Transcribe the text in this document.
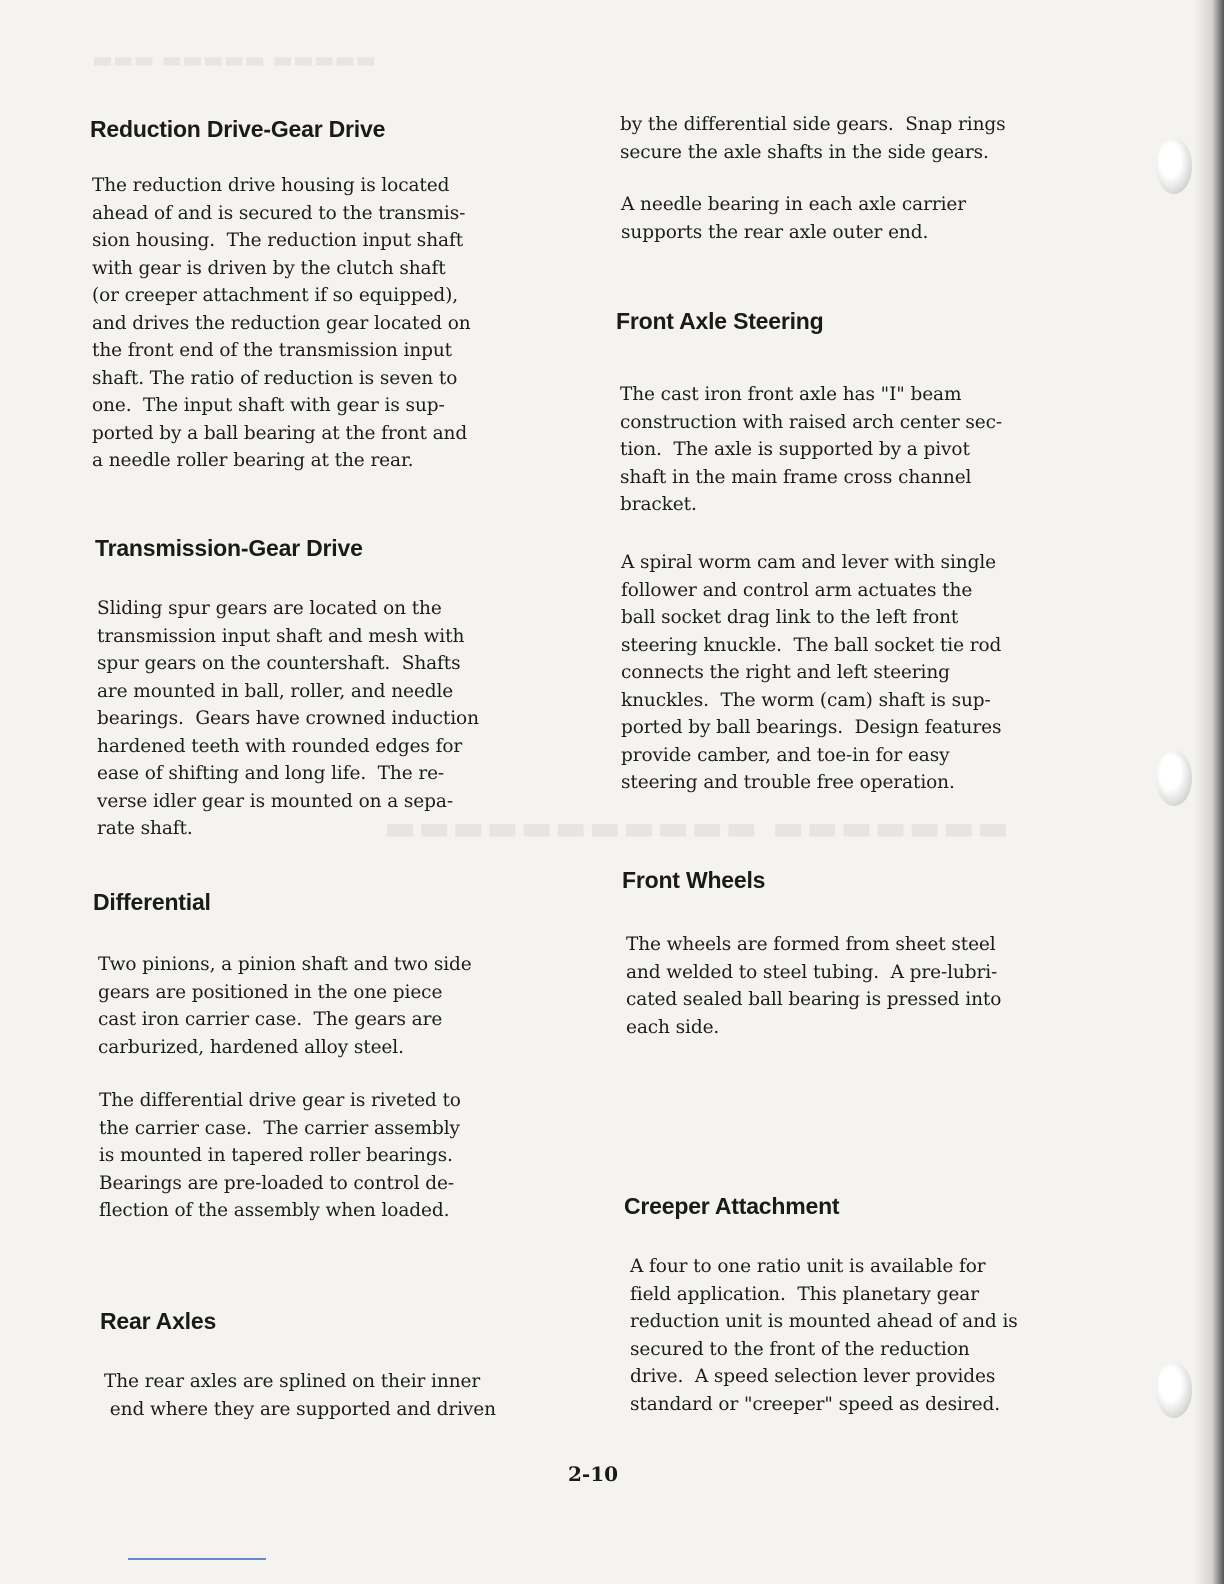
▬▬▬ ▬▬▬▬▬ ▬▬▬▬▬
▬▬▬▬▬▬▬ ▬▬▬▬▬▬▬▬▬▬▬
Reduction Drive-Gear Drive

The reduction drive housing is located
ahead of and is secured to the transmis-
sion housing.  The reduction input shaft
with gear is driven by the clutch shaft
(or creeper attachment if so equipped),
and drives the reduction gear located on
the front end of the transmission input
shaft. The ratio of reduction is seven to
one.  The input shaft with gear is sup-
ported by a ball bearing at the front and
a needle roller bearing at the rear.

Transmission-Gear Drive

Sliding spur gears are located on the
transmission input shaft and mesh with
spur gears on the countershaft.  Shafts
are mounted in ball, roller, and needle
bearings.  Gears have crowned induction
hardened teeth with rounded edges for
ease of shifting and long life.  The re-
verse idler gear is mounted on a sepa-
rate shaft.

Differential

Two pinions, a pinion shaft and two side
gears are positioned in the one piece
cast iron carrier case.  The gears are
carburized, hardened alloy steel.

The differential drive gear is riveted to
the carrier case.  The carrier assembly
is mounted in tapered roller bearings.
Bearings are pre-loaded to control de-
flection of the assembly when loaded.

Rear Axles

The rear axles are splined on their inner
end where they are supported and driven

by the differential side gears.  Snap rings
secure the axle shafts in the side gears.

A needle bearing in each axle carrier
supports the rear axle outer end.

Front Axle Steering

The cast iron front axle has "I" beam
construction with raised arch center sec-
tion.  The axle is supported by a pivot
shaft in the main frame cross channel
bracket.

A spiral worm cam and lever with single
follower and control arm actuates the
ball socket drag link to the left front
steering knuckle.  The ball socket tie rod
connects the right and left steering
knuckles.  The worm (cam) shaft is sup-
ported by ball bearings.  Design features
provide camber, and toe-in for easy
steering and trouble free operation.

Front Wheels

The wheels are formed from sheet steel
and welded to steel tubing.  A pre-lubri-
cated sealed ball bearing is pressed into
each side.

Creeper Attachment

A four to one ratio unit is available for
field application.  This planetary gear
reduction unit is mounted ahead of and is
secured to the front of the reduction
drive.  A speed selection lever provides
standard or "creeper" speed as desired.

2-10
